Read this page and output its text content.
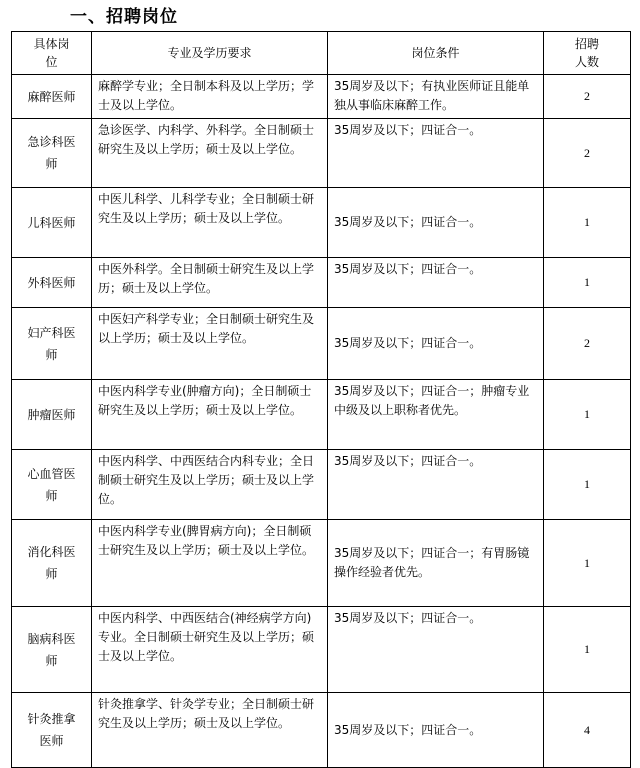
一、招聘岗位
具体岗位	专业及学历要求	岗位条件	招聘人数
麻醉医师	麻醉学专业；全日制本科及以上学历；学士及以上学位。	35周岁及以下；有执业医师证且能单独从事临床麻醉工作。	2
急诊科医师	急诊医学、内科学、外科学。全日制硕士研究生及以上学历；硕士及以上学位。	35周岁及以下；四证合一。	2
儿科医师	中医儿科学、儿科学专业；全日制硕士研究生及以上学历；硕士及以上学位。	35周岁及以下；四证合一。	1
外科医师	中医外科学。全日制硕士研究生及以上学历；硕士及以上学位。	35周岁及以下；四证合一。	1
妇产科医师	中医妇产科学专业；全日制硕士研究生及以上学历；硕士及以上学位。	35周岁及以下；四证合一。	2
肿瘤医师	中医内科学专业(肿瘤方向)；全日制硕士研究生及以上学历；硕士及以上学位。	35周岁及以下；四证合一；肿瘤专业中级及以上职称者优先。	1
心血管医师	中医内科学、中西医结合内科专业；全日制硕士研究生及以上学历；硕士及以上学位。	35周岁及以下；四证合一。	1
消化科医师	中医内科学专业(脾胃病方向)；全日制硕士研究生及以上学历；硕士及以上学位。	35周岁及以下；四证合一；有胃肠镜操作经验者优先。	1
脑病科医师	中医内科学、中西医结合(神经病学方向)专业。全日制硕士研究生及以上学历；硕士及以上学位。	35周岁及以下；四证合一。	1
针灸推拿医师	针灸推拿学、针灸学专业；全日制硕士研究生及以上学历；硕士及以上学位。	35周岁及以下；四证合一。	4
